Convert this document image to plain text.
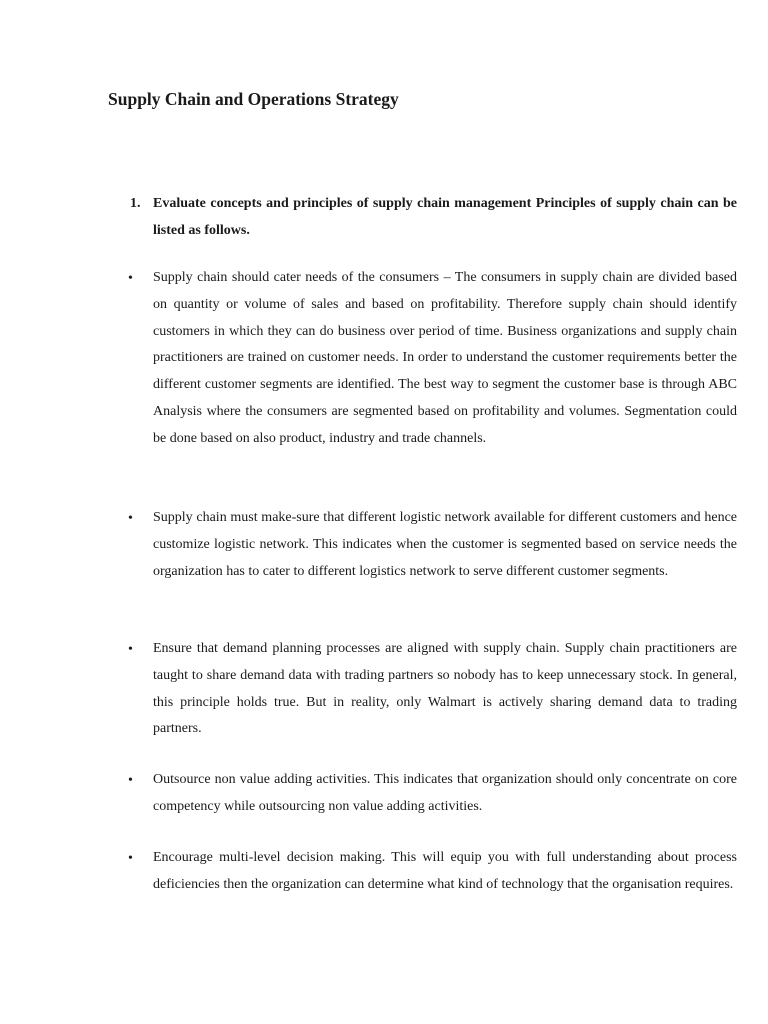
Supply Chain and Operations Strategy
1. Evaluate concepts and principles of supply chain management Principles of supply chain can be listed as follows.
• Supply chain should cater needs of the consumers – The consumers in supply chain are divided based on quantity or volume of sales and based on profitability. Therefore supply chain should identify customers in which they can do business over period of time. Business organizations and supply chain practitioners are trained on customer needs. In order to understand the customer requirements better the different customer segments are identified. The best way to segment the customer base is through ABC Analysis where the consumers are segmented based on profitability and volumes. Segmentation could be done based on also product, industry and trade channels.

• Supply chain must make-sure that different logistic network available for different customers and hence customize logistic network. This indicates when the customer is segmented based on service needs the organization has to cater to different logistics network to serve different customer segments.

• Ensure that demand planning processes are aligned with supply chain. Supply chain practitioners are taught to share demand data with trading partners so nobody has to keep unnecessary stock. In general, this principle holds true. But in reality, only Walmart is actively sharing demand data to trading partners.

• Outsource non value adding activities. This indicates that organization should only concentrate on core competency while outsourcing non value adding activities.

• Encourage multi-level decision making. This will equip you with full understanding about process deficiencies then the organization can determine what kind of technology that the organisation requires.
